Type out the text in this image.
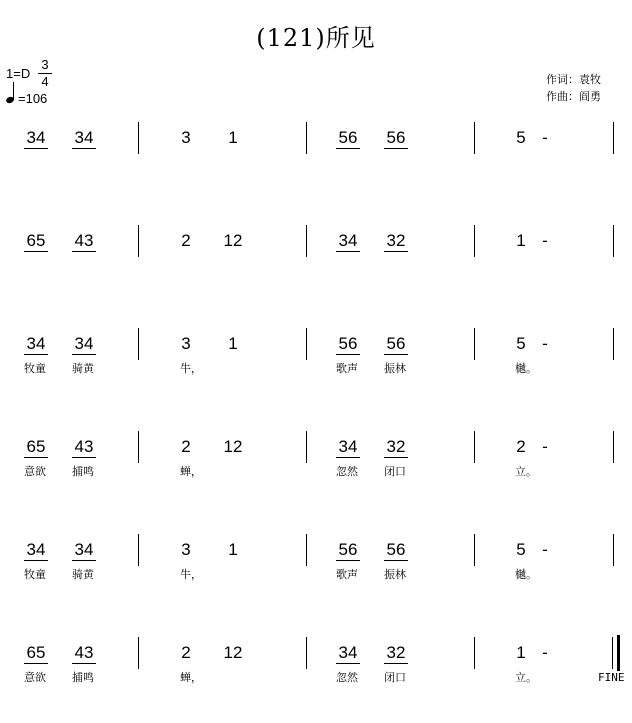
(121)所见
1=D
3
4
=106
作词：袁牧
作曲：阎勇
34 34	3 1	56 56	5 -
65 43	2 12	34 32	1 -
34 34	3 1	56 56	5 -
牧童 骑黄	牛，	歌声 振林	樾。
65 43	2 12	34 32	2 -
意欲 捕鸣	蝉，	忽然 闭口	立。
34 34	3 1	56 56	5 -
牧童 骑黄	牛，	歌声 振林	樾。
65 43	2 12	34 32	1 -
意欲 捕鸣	蝉，	忽然 闭口	立。	FINE
